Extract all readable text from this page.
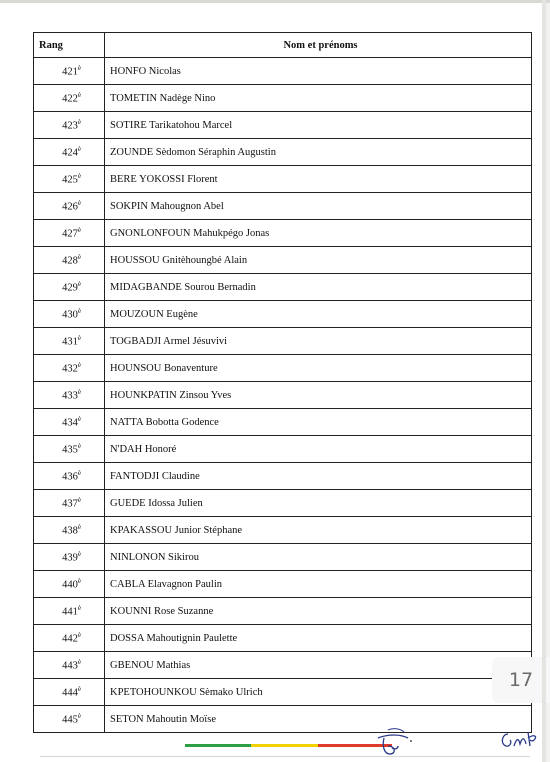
Rang	Nom et prénoms
$421^è$	HONFO Nicolas
$422^è$	TOMETIN Nadège Nino
$423^è$	SOTIRE Tarikatohou Marcel
$424^è$	ZOUNDE Sèdomon Séraphin Augustin
$425^è$	BERE YOKOSSI Florent
$426^è$	SOKPIN Mahougnon Abel
$427^è$	GNONLONFOUN Mahukpégo Jonas
$428^è$	HOUSSOU Gnitèhoungbé Alain
$429^è$	MIDAGBANDE Sourou Bernadin
$430^è$	MOUZOUN Eugène
$431^è$	TOGBADJI Armel Jésuvivi
$432^è$	HOUNSOU Bonaventure
$433^è$	HOUNKPATIN Zinsou Yves
$434^è$	NATTA Bobotta Godence
$435^è$	N'DAH Honoré
$436^è$	FANTODJI Claudine
$437^è$	GUEDE Idossa Julien
$438^è$	KPAKASSOU Junior Stéphane
$439^è$	NINLONON Sikirou
$440^è$	CABLA Elavagnon Paulin
$441^è$	KOUNNI Rose Suzanne
$442^è$	DOSSA Mahoutignin Paulette
$443^è$	GBENOU Mathias
$444^è$	KPETOHOUNKOU Sèmako Ulrich
$445^è$	SETON Mahoutin Moïse
17
